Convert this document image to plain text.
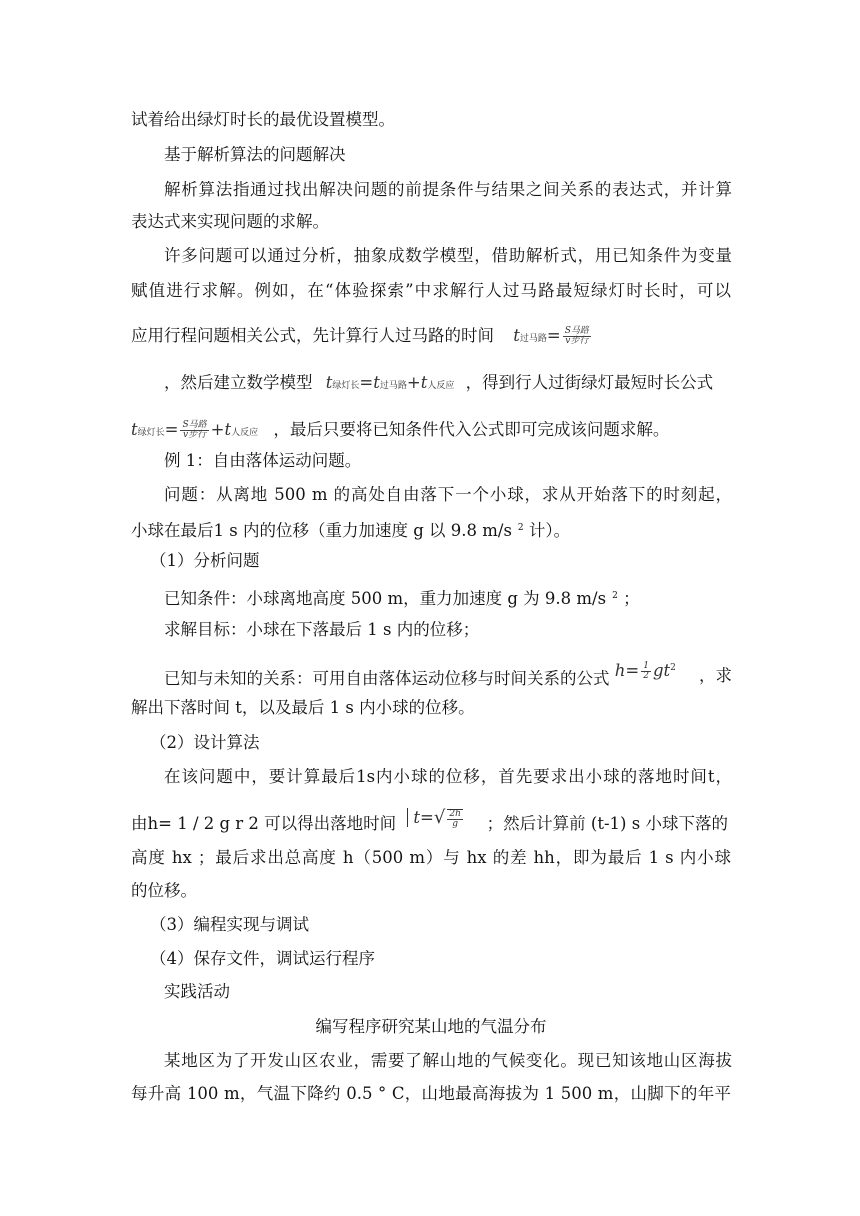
试着给出绿灯时长的最优设置模型。
基于解析算法的问题解决
解析算法指通过找出解决问题的前提条件与结果之间关系的表达式，并计算
表达式来实现问题的求解。
许多问题可以通过分析，抽象成数学模型，借助解析式，用已知条件为变量
赋值进行求解。例如，在“体验探索”中求解行人过马路最短绿灯时长时，可以
应用行程问题相关公式，先计算行人过马路的时间 t过马路= $\frac{\text{S马路}}{\text{v步行}}$
，然后建立数学模型 t绿灯长=t过马路+t人反应 ，得到行人过街绿灯最短时长公式
t绿灯长= $\frac{\text{S马路}}{\text{v步行}} +t$人反应 ，最后只要将已知条件代入公式即可完成该问题求解。
例 1：自由落体运动问题。
问题：从离地 500 m 的高处自由落下一个小球，求从开始落下的时刻起，
小球在最后1 s 内的位移（重力加速度 g 以 9.8 m/s $^2$ 计）。
（1）分析问题
已知条件：小球离地高度 500 m，重力加速度 g 为 9.8 m/s $^2$ ；
求解目标：小球在下落最后 1 s 内的位移；
已知与未知的关系：可用自由落体运动位移与时间关系的公式 $h= \frac{1}{2} gt^2$ ，求
解出下落时间 t，以及最后 1 s 内小球的位移。
（2）设计算法
在该问题中，要计算最后1s内小球的位移，首先要求出小球的落地时间t，
由h= 1 / 2 g r 2 可以得出落地时间 $t=√ \frac{2h}{g}$ ；然后计算前 (t-1) s 小球下落的
高度 hx ；最后求出总高度 h（500 m）与 hx 的差 hh，即为最后 1 s 内小球
的位移。
（3）编程实现与调试
（4）保存文件，调试运行程序
实践活动
编写程序研究某山地的气温分布
某地区为了开发山区农业，需要了解山地的气候变化。现已知该地山区海拔
每升高 100 m，气温下降约 0.5 ° C，山地最高海拔为 1 500 m，山脚下的年平
